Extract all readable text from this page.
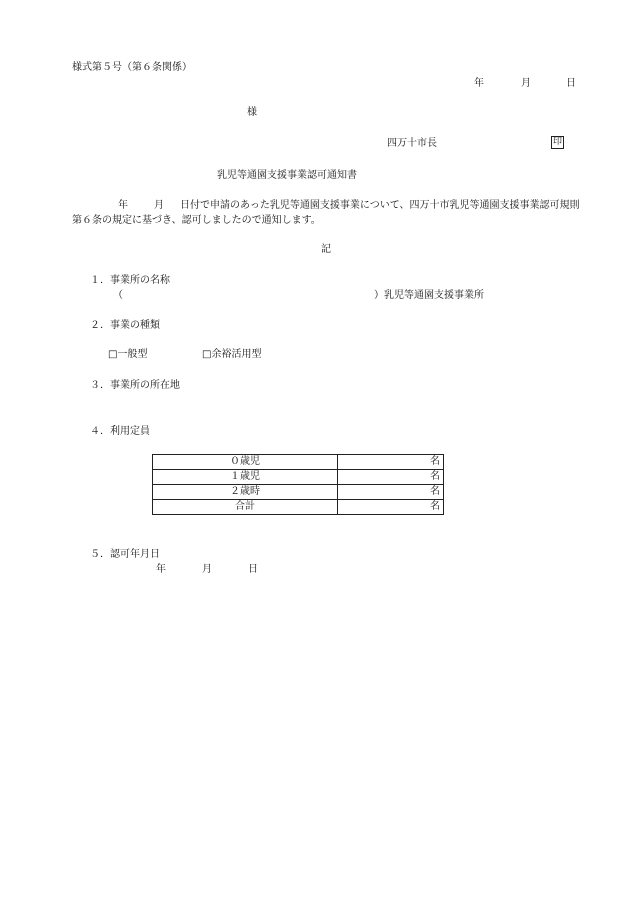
様式第５号（第６条関係）
年	月	日
様
四万十市長	印
乳児等通園支援事業認可通知書
年	月 日付で申請のあった乳児等通園支援事業について、四万十市乳児等通園支援事業認可規則第６条の規定に基づき、認可しましたので通知します。
記
１．事業所の名称
（	）乳児等通園支援事業所
２．事業の種類
□一般型	□余裕活用型
３．事業所の所在地
４．利用定員
０歳児	名
１歳児	名
２歳時	名
合計	名
５．認可年月日
年	月	日
